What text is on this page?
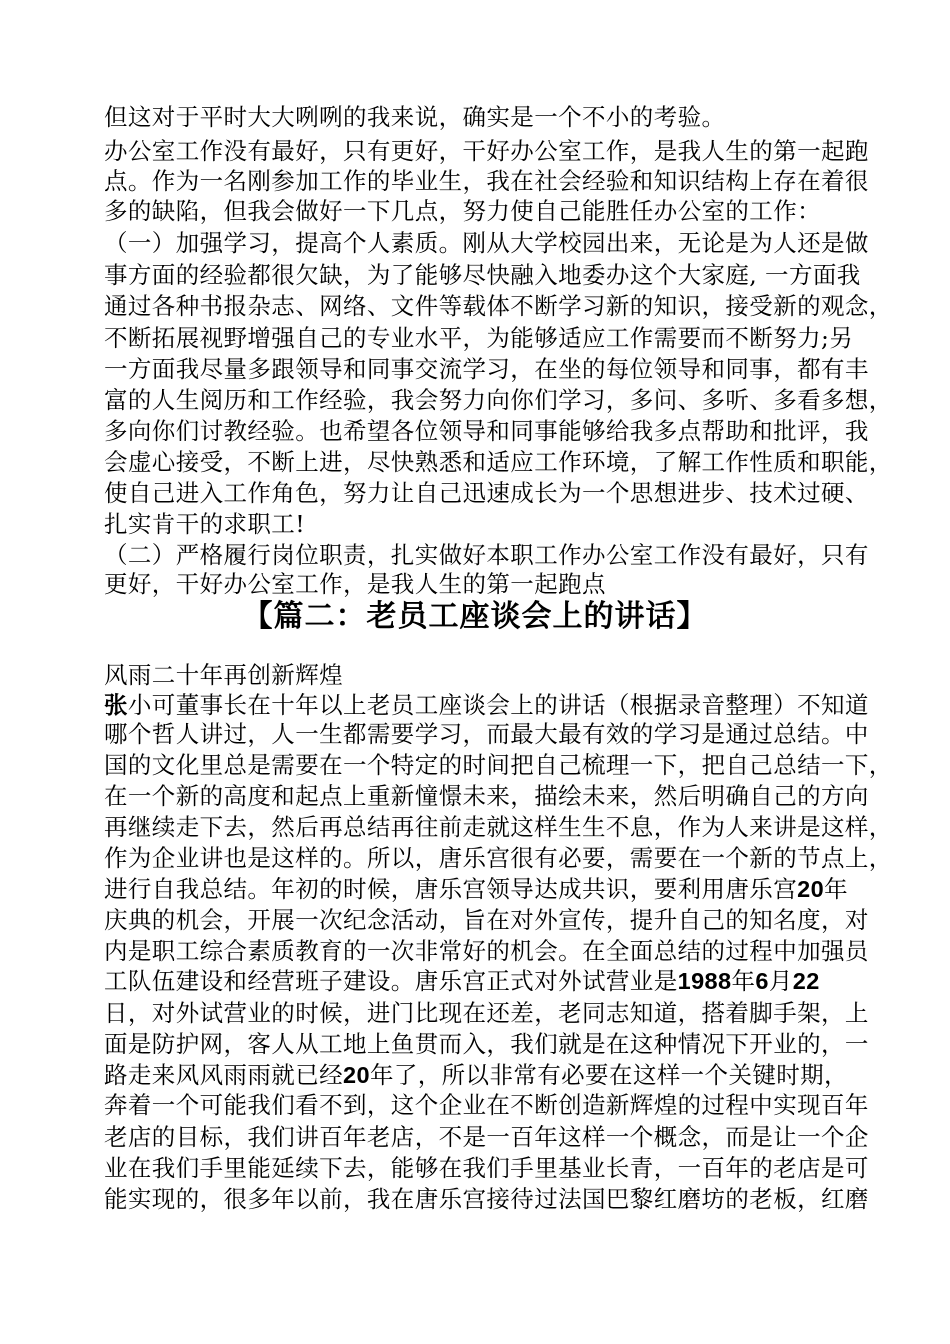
但这对于平时大大咧咧的我来说，确实是一个不小的考验。

办公室工作没有最好，只有更好，干好办公室工作，是我人生的第一起跑

点。作为一名刚参加工作的毕业生，我在社会经验和知识结构上存在着很

多的缺陷，但我会做好一下几点，努力使自己能胜任办公室的工作：

（一）加强学习，提高个人素质。刚从大学校园出来，无论是为人还是做

事方面的经验都很欠缺，为了能够尽快融入地委办这个大家庭, 一方面我

通过各种书报杂志、网络、文件等载体不断学习新的知识，接受新的观念，

不断拓展视野增强自己的专业水平，为能够适应工作需要而不断努力;另

一方面我尽量多跟领导和同事交流学习，在坐的每位领导和同事，都有丰

富的人生阅历和工作经验，我会努力向你们学习，多问、多听、多看多想，

多向你们讨教经验。也希望各位领导和同事能够给我多点帮助和批评，我

会虚心接受，不断上进，尽快熟悉和适应工作环境，了解工作性质和职能，

使自己进入工作角色，努力让自己迅速成长为一个思想进步、技术过硬、

扎实肯干的求职工!

（二）严格履行岗位职责，扎实做好本职工作办公室工作没有最好，只有

更好，干好办公室工作，是我人生的第一起跑点

【篇二：老员工座谈会上的讲话】

风雨二十年再创新辉煌

张小可董事长在十年以上老员工座谈会上的讲话（根据录音整理）不知道

哪个哲人讲过，人一生都需要学习，而最大最有效的学习是通过总结。中

国的文化里总是需要在一个特定的时间把自己梳理一下，把自己总结一下，

在一个新的高度和起点上重新憧憬未来，描绘未来，然后明确自己的方向

再继续走下去，然后再总结再往前走就这样生生不息，作为人来讲是这样，

作为企业讲也是这样的。所以，唐乐宫很有必要，需要在一个新的节点上，

进行自我总结。年初的时候，唐乐宫领导达成共识，要利用唐乐宫20年

庆典的机会，开展一次纪念活动，旨在对外宣传，提升自己的知名度，对

内是职工综合素质教育的一次非常好的机会。在全面总结的过程中加强员

工队伍建设和经营班子建设。唐乐宫正式对外试营业是1988年6月22

日，对外试营业的时候，进门比现在还差，老同志知道，搭着脚手架，上

面是防护网，客人从工地上鱼贯而入，我们就是在这种情况下开业的，一

路走来风风雨雨就已经20年了，所以非常有必要在这样一个关键时期，

奔着一个可能我们看不到，这个企业在不断创造新辉煌的过程中实现百年

老店的目标，我们讲百年老店，不是一百年这样一个概念，而是让一个企

业在我们手里能延续下去，能够在我们手里基业长青，一百年的老店是可

能实现的，很多年以前，我在唐乐宫接待过法国巴黎红磨坊的老板，红磨
